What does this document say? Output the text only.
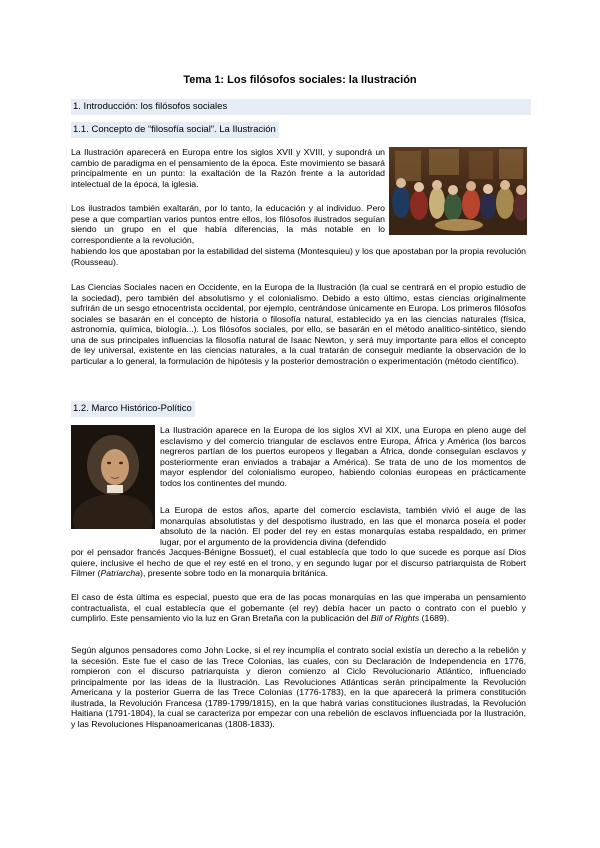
Tema 1: Los filósofos sociales: la Ilustración
1. Introducción: los filósofos sociales
1.1. Concepto de “filosofía social”. La Ilustración

La Ilustración aparecerá en Europa entre los siglos XVII y XVIII, y supondrá un cambio de paradigma en el pensamiento de la época. Este movimiento se basará principalmente en un punto: la exaltación de la Razón frente a la autoridad intelectual de la época, la iglesia.

Los ilustrados también exaltarán, por lo tanto, la educación y al individuo. Pero pese a que compartían varios puntos entre ellos, los filósofos ilustrados seguían siendo un grupo en el que había diferencias, la más notable en lo correspondiente a la revolución,

habiendo los que apostaban por la estabilidad del sistema (Montesquieu) y los que apostaban por la propia revolución (Rousseau).

Las Ciencias Sociales nacen en Occidente, en la Europa de la Ilustración (la cual se centrará en el propio estudio de la sociedad), pero también del absolutismo y el colonialismo. Debido a esto último, estas ciencias originalmente sufrirán de un sesgo etnocentrista occidental, por ejemplo, centrándose únicamente en Europa. Los primeros filósofos sociales se basarán en el concepto de historia o filosofía natural, establecido ya en las ciencias naturales (física, astronomía, química, biología...). Los filósofos sociales, por ello, se basarán en el método analítico-sintético, siendo una de sus principales influencias la filosofía natural de Isaac Newton, y será muy importante para ellos el concepto de ley universal, existente en las ciencias naturales, a la cual tratarán de conseguir mediante la observación de lo particular a lo general, la formulación de hipótesis y la posterior demostración o experimentación (método científico).

1.2. Marco Histórico-Político

La Ilustración aparece en la Europa de los siglos XVI al XIX, una Europa en pleno auge del esclavismo y del comercio triangular de esclavos entre Europa, África y América (los barcos negreros partían de los puertos europeos y llegaban a África, donde conseguían esclavos y posteriormente eran enviados a trabajar a América). Se trata de uno de los momentos de mayor esplendor del colonialismo europeo, habiendo colonias europeas en prácticamente todos los continentes del mundo.

La Europa de estos años, aparte del comercio esclavista, también vivió el auge de las monarquías absolutistas y del despotismo ilustrado, en las que el monarca poseía el poder absoluto de la nación. El poder del rey en estas monarquías estaba respaldado, en primer lugar, por el argumento de la providencia divina (defendido

por el pensador francés Jacques-Bénigne Bossuet), el cual establecía que todo lo que sucede es porque así Dios quiere, inclusive el hecho de que el rey esté en el trono, y en segundo lugar por el discurso patriarquista de Robert Filmer (Patriarcha), presente sobre todo en la monarquía británica.

El caso de ésta última es especial, puesto que era de las pocas monarquías en las que imperaba un pensamiento contractualista, el cual establecía que el gobernante (el rey) debía hacer un pacto o contrato con el pueblo y cumplirlo. Este pensamiento vio la luz en Gran Bretaña con la publicación del Bill of Rights (1689).

Según algunos pensadores como John Locke, si el rey incumplía el contrato social existía un derecho a la rebelión y la secesión. Este fue el caso de las Trece Colonias, las cuales, con su Declaración de Independencia en 1776, rompieron con el discurso patriarquista y dieron comienzo al Ciclo Revolucionario Atlántico, influenciado principalmente por las ideas de la Ilustración. Las Revoluciones Atlánticas serán principalmente la Revolución Americana y la posterior Guerra de las Trece Colonias (1776-1783), en la que aparecerá la primera constitución ilustrada, la Revolución Francesa (1789-1799/1815), en la que habrá varias constituciones ilustradas, la Revolución Haitiana (1791-1804), la cual se caracteriza por empezar con una rebelión de esclavos influenciada por la Ilustración, y las Revoluciones Hispanoamericanas (1808-1833).
